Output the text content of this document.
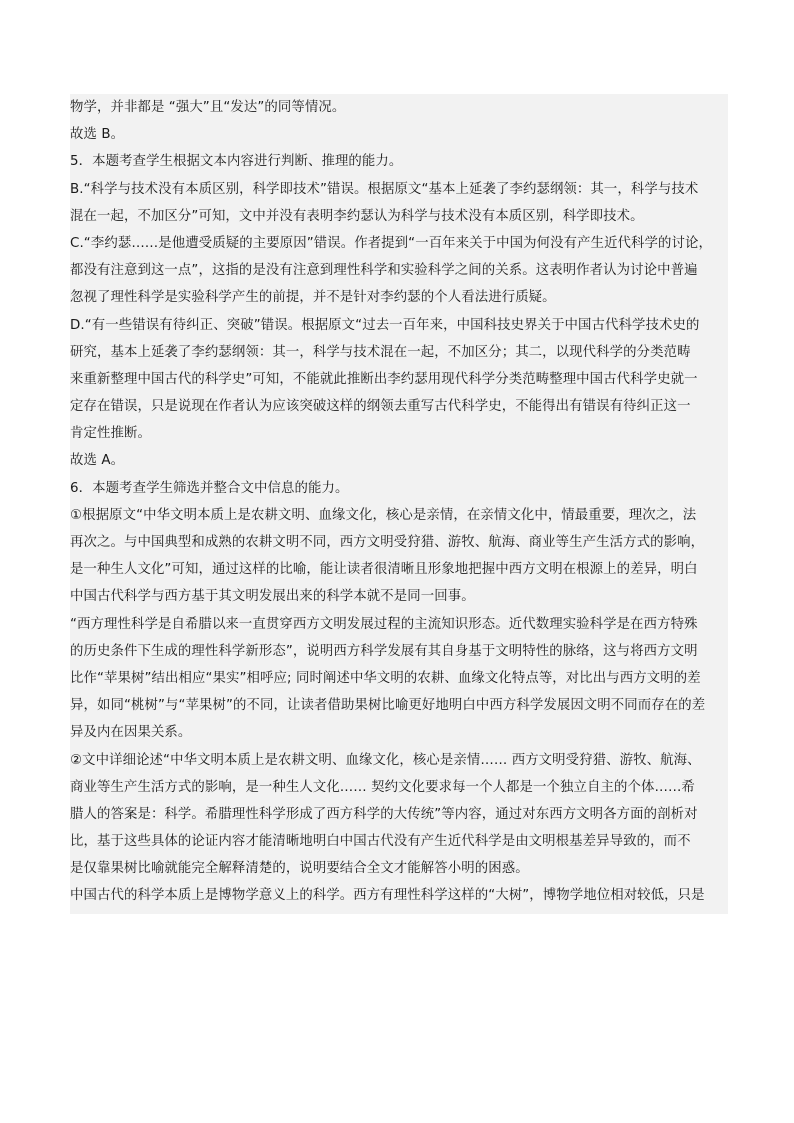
物学，并非都是 “强大”且“发达”的同等情况。
故选 B。
5．本题考查学生根据文本内容进行判断、推理的能力。
B.“科学与技术没有本质区别，科学即技术”错误。根据原文“基本上延袭了李约瑟纲领：其一，科学与技术
混在一起，不加区分”可知，文中并没有表明李约瑟认为科学与技术没有本质区别，科学即技术。
C.“李约瑟……是他遭受质疑的主要原因”错误。作者提到“一百年来关于中国为何没有产生近代科学的讨论，
都没有注意到这一点”，这指的是没有注意到理性科学和实验科学之间的关系。这表明作者认为讨论中普遍
忽视了理性科学是实验科学产生的前提，并不是针对李约瑟的个人看法进行质疑。
D.“有一些错误有待纠正、突破”错误。根据原文“过去一百年来，中国科技史界关于中国古代科学技术史的
研究，基本上延袭了李约瑟纲领：其一，科学与技术混在一起，不加区分；其二，以现代科学的分类范畴
来重新整理中国古代的科学史”可知，不能就此推断出李约瑟用现代科学分类范畴整理中国古代科学史就一
定存在错误，只是说现在作者认为应该突破这样的纲领去重写古代科学史，不能得出有错误有待纠正这一
肯定性推断。
故选 A。
6．本题考查学生筛选并整合文中信息的能力。
①根据原文“中华文明本质上是农耕文明、血缘文化，核心是亲情，在亲情文化中，情最重要，理次之，法
再次之。与中国典型和成熟的农耕文明不同，西方文明受狩猎、游牧、航海、商业等生产生活方式的影响，
是一种生人文化”可知，通过这样的比喻，能让读者很清晰且形象地把握中西方文明在根源上的差异，明白
中国古代科学与西方基于其文明发展出来的科学本就不是同一回事。
“西方理性科学是自希腊以来一直贯穿西方文明发展过程的主流知识形态。近代数理实验科学是在西方特殊
的历史条件下生成的理性科学新形态”，说明西方科学发展有其自身基于文明特性的脉络，这与将西方文明
比作“苹果树”结出相应“果实”相呼应; 同时阐述中华文明的农耕、血缘文化特点等，对比出与西方文明的差
异，如同“桃树”与“苹果树”的不同，让读者借助果树比喻更好地明白中西方科学发展因文明不同而存在的差
异及内在因果关系。
②文中详细论述“中华文明本质上是农耕文明、血缘文化，核心是亲情…… 西方文明受狩猎、游牧、航海、
商业等生产生活方式的影响，是一种生人文化…… 契约文化要求每一个人都是一个独立自主的个体……希
腊人的答案是：科学。希腊理性科学形成了西方科学的大传统”等内容，通过对东西方文明各方面的剖析对
比，基于这些具体的论证内容才能清晰地明白中国古代没有产生近代科学是由文明根基差异导致的，而不
是仅靠果树比喻就能完全解释清楚的，说明要结合全文才能解答小明的困惑。
中国古代的科学本质上是博物学意义上的科学。西方有理性科学这样的“大树”，博物学地位相对较低，只是
